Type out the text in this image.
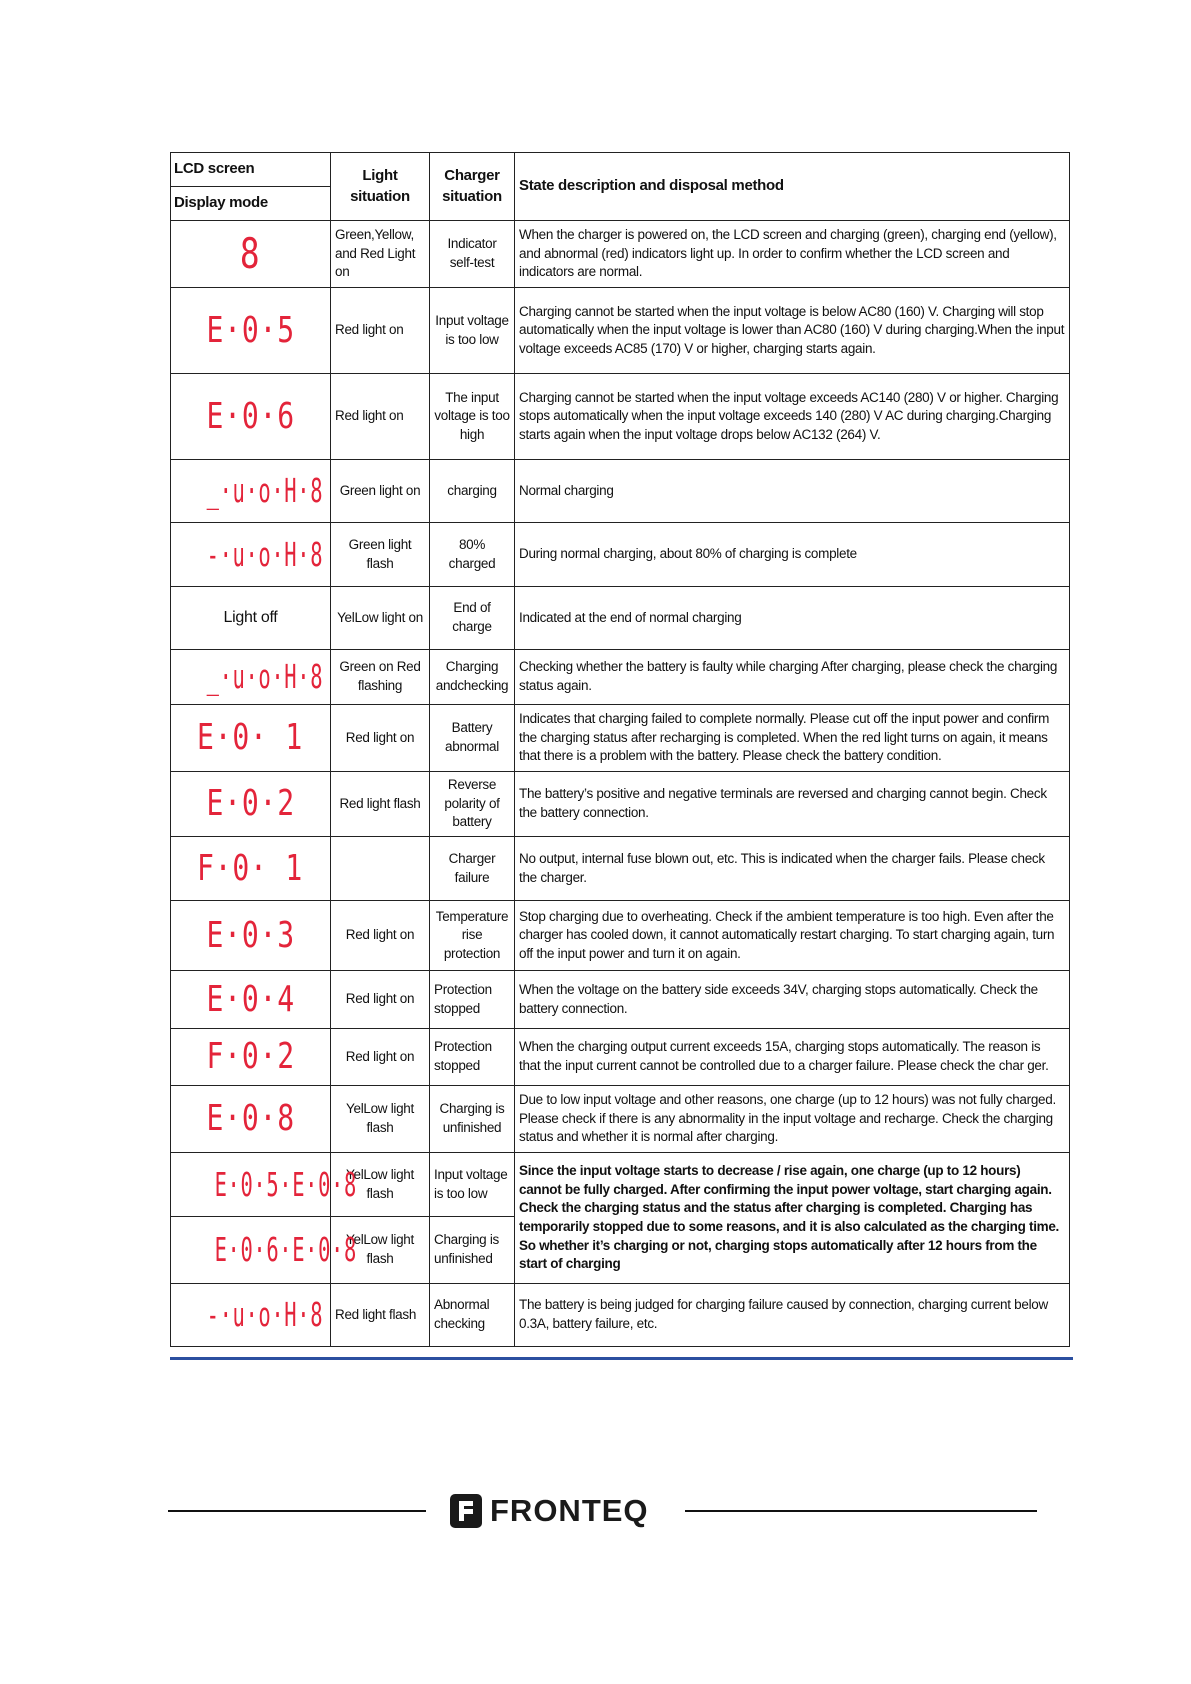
LCD screen
Display mode	Light situation	Charger situation	State description and disposal method
8	Green,Yellow, and Red Light on	Indicator self-test	When the charger is powered on, the LCD screen and charging (green), charging end (yellow), and abnormal (red) indicators light up. In order to confirm whether the LCD screen and indicators are normal.
E·0·5	Red light on	Input voltage is too low	Charging cannot be started when the input voltage is below AC80 (160) V. Charging will stop automatically when the input voltage is lower than AC80 (160) V during charging.When the input voltage exceeds AC85 (170) V or higher, charging starts again.
E·0·6	Red light on	The input voltage is too high	Charging cannot be started when the input voltage exceeds AC140 (280) V or higher. Charging stops automatically when the input voltage exceeds 140 (280) V AC during charging.Charging starts again when the input voltage drops below AC132 (264) V.
_·u·o·H·8	Green light on	charging	Normal charging
-·u·o·H·8	Green light flash	80% charged	During normal charging, about 80% of charging is complete
Light off	YelLow light on	End of charge	Indicated at the end of normal charging
_·u·o·H·8	Green on Red flashing	Charging andchecking	Checking whether the battery is faulty while charging After charging, please check the charging status again.
E·0· 1	Red light on	Battery abnormal	Indicates that charging failed to complete normally. Please cut off the input power and confirm the charging status after recharging is completed. When the red light turns on again, it means that there is a problem with the battery. Please check the battery condition.
E·0·2	Red light flash	Reverse polarity of battery	The battery’s positive and negative terminals are reversed and charging cannot begin. Check the battery connection.
F·0· 1		Charger failure	No output, internal fuse blown out, etc. This is indicated when the charger fails. Please check the charger.
E·0·3	Red light on	Temperature rise protection	Stop charging due to overheating. Check if the ambient temperature is too high. Even after the charger has cooled down, it cannot automatically restart charging. To start charging again, turn off the input power and turn it on again.
E·0·4	Red light on	Protection stopped	When the voltage on the battery side exceeds 34V, charging stops automatically. Check the battery connection.
F·0·2	Red light on	Protection stopped	When the charging output current exceeds 15A, charging stops automatically. The reason is that the input current cannot be controlled due to a charger failure. Please check the char ger.
E·0·8	YelLow light flash	Charging is unfinished	Due to low input voltage and other reasons, one charge (up to 12 hours) was not fully charged. Please check if there is any abnormality in the input voltage and recharge. Check the charging status and whether it is normal after charging.
E·0·5·E·0·8	YelLow light flash	Input voltage is too low	Since the input voltage starts to decrease / rise again, one charge (up to 12 hours) cannot be fully charged. After confirming the input power voltage, start charging again. Check the charging status and the status after charging is completed. Charging has temporarily stopped due to some reasons, and it is also calculated as the charging time. So whether it’s charging or not, charging stops automatically after 12 hours from the start of charging
E·0·6·E·0·8	YelLow light flash	Charging is unfinished	
-·u·o·H·8	Red light flash	Abnormal checking	The battery is being judged for charging failure caused by connection, charging current below 0.3A, battery failure, etc.
FRONTEQ
